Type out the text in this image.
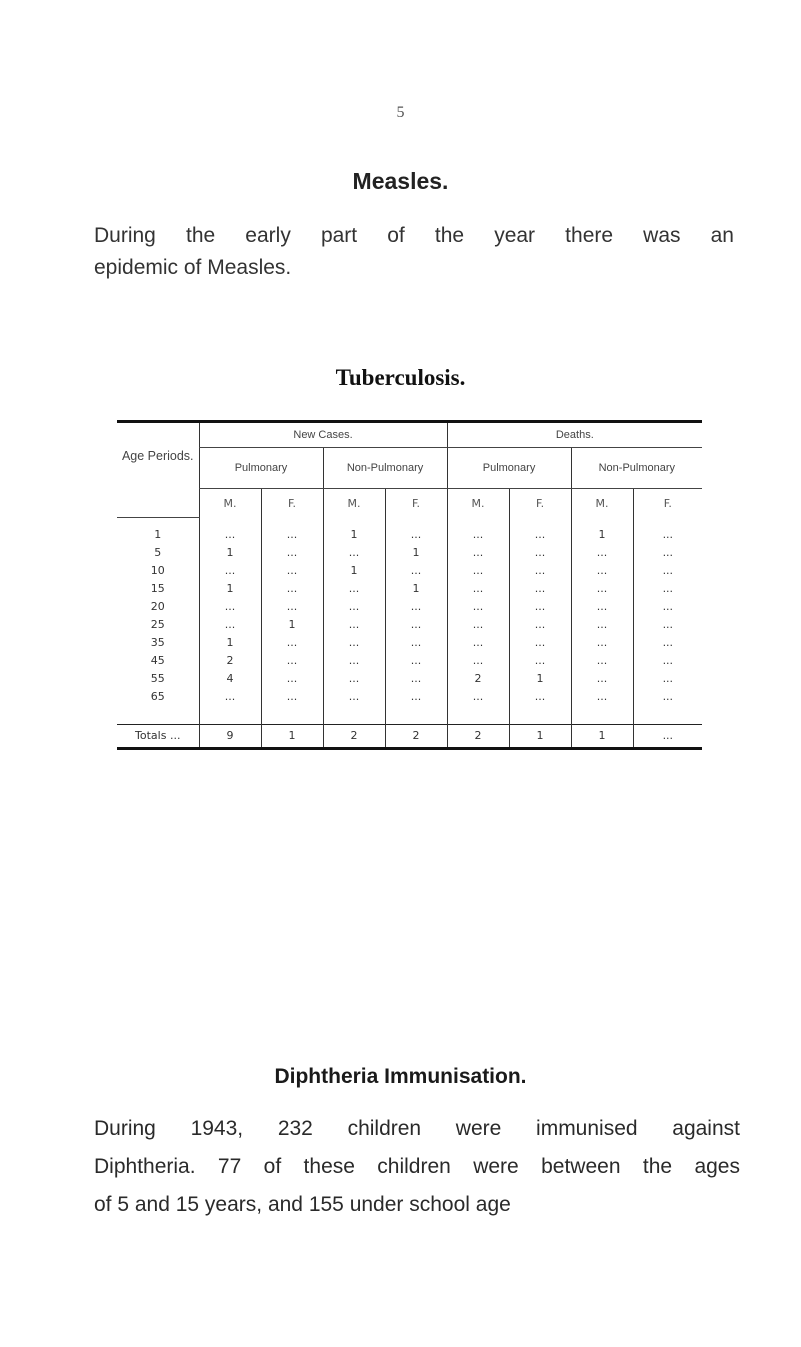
5
Measles.
During the early part of the year there was an
epidemic of Measles.
Tuberculosis.
Age Periods.	New Cases.				Deaths.			
	Pulmonary		Non-Pulmonary		Pulmonary		Non-Pulmonary	
	M.	F.	M.	F.	M.	F.	M.	F.
1	...	...	1	...	...	...	1	...
5	1	...	...	1	...	...	...	...
10	...	...	1	...	...	...	...	...
15	1	...	...	1	...	...	...	...
20	...	...	...	...	...	...	...	...
25	...	1	...	...	...	...	...	...
35	1	...	...	...	...	...	...	...
45	2	...	...	...	...	...	...	...
55	4	...	...	...	2	1	...	...
65	...	...	...	...	...	...	...	...

Totals ...	9	1	2	2	2	1	1	...
Diphtheria Immunisation.
During 1943, 232 children were immunised against
Diphtheria. 77 of these children were between the ages
of 5 and 15 years, and 155 under school age
